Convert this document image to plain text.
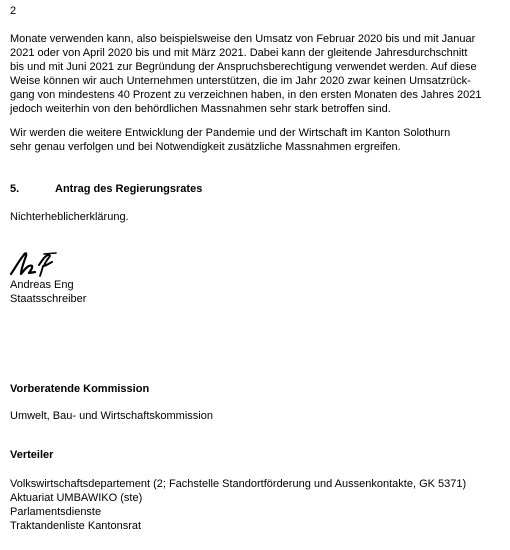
2
Monate verwenden kann, also beispielsweise den Umsatz von Februar 2020 bis und mit Januar
2021 oder von April 2020 bis und mit März 2021. Dabei kann der gleitende Jahresdurchschnitt
bis und mit Juni 2021 zur Begründung der Anspruchsberechtigung verwendet werden. Auf diese
Weise können wir auch Unternehmen unterstützen, die im Jahr 2020 zwar keinen Umsatzrück-
gang von mindestens 40 Prozent zu verzeichnen haben, in den ersten Monaten des Jahres 2021
jedoch weiterhin von den behördlichen Massnahmen sehr stark betroffen sind.
Wir werden die weitere Entwicklung der Pandemie und der Wirtschaft im Kanton Solothurn
sehr genau verfolgen und bei Notwendigkeit zusätzliche Massnahmen ergreifen.
5.	Antrag des Regierungsrates
Nichterheblicherklärung.
Andreas Eng
Staatsschreiber
Vorberatende Kommission
Umwelt, Bau- und Wirtschaftskommission
Verteiler
Volkswirtschaftsdepartement (2; Fachstelle Standortförderung und Aussenkontakte, GK 5371)
Aktuariat UMBAWIKO (ste)
Parlamentsdienste
Traktandenliste Kantonsrat
